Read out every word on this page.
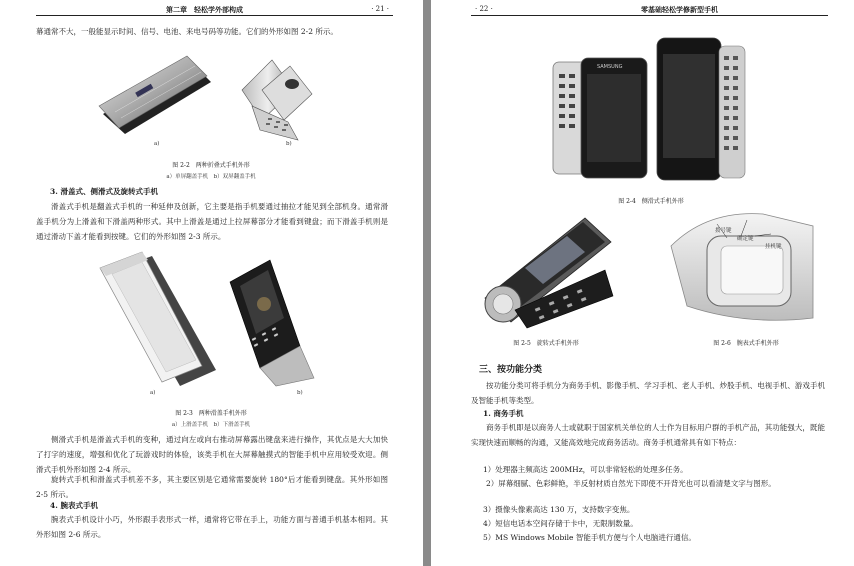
第二章　轻松学外部构成	· 21 ·
幕通常不大，一般能显示时间、信号、电池、来电号码等功能。它们的外形如图 2-2 所示。
a)	b)
图 2-2　两种折叠式手机外形
a）单屏翻盖手机　b）双屏翻盖手机
3. 滑盖式、侧滑式及旋转式手机
滑盖式手机是翻盖式手机的一种延伸及创新，它主要是指手机要通过抽拉才能见到全部机身。通常滑盖手机分为上滑盖和下滑盖两种形式。其中上滑盖是通过上拉屏幕部分才能看到键盘；而下滑盖手机则是通过滑动下盖才能看到按键。它们的外形如图 2-3 所示。
a)	b)
图 2-3　两种滑盖手机外形
a）上滑盖手机　b）下滑盖手机
侧滑式手机是滑盖式手机的变种，通过向左或向右推动屏幕露出键盘来进行操作，其优点是大大加快了打字的速度，增强和优化了玩游戏时的体验，该类手机在大屏幕触摸式的智能手机中应用较受欢迎。侧滑式手机外形如图 2-4 所示。
旋转式手机和滑盖式手机差不多，其主要区别是它通常需要旋转 180°后才能看到键盘。其外形如图 2-5 所示。
4. 腕表式手机
腕表式手机设计小巧，外形跟手表形式一样，通常将它带在手上，功能方面与普通手机基本相同。其外形如图 2-6 所示。
· 22 ·	零基础轻松学修新型手机
SAMSUNG
图 2-4　侧滑式手机外形
图 2-5　旋转式手机外形
拨号键
确定键
挂机键
图 2-6　腕表式手机外形
三、按功能分类
按功能分类可将手机分为商务手机、影像手机、学习手机、老人手机、炒股手机、电视手机、游戏手机及智能手机等类型。
1. 商务手机
商务手机即是以商务人士或就职于国家机关单位的人士作为目标用户群的手机产品，其功能强大，既能实现快速而顺畅的沟通，又能高效地完成商务活动。商务手机通常具有如下特点：
1）处理器主频高达 200MHz，可以非常轻松的处理多任务。
2）屏幕细腻、色彩鲜艳，半反射材质自然光下即使不开背光也可以看清楚文字与图形。
3）摄像头像素高达 130 万，支持数字变焦。
4）短信电话本空间存储于卡中，无限制数量。
5）MS Windows Mobile 智能手机方便与个人电脑进行通信。
